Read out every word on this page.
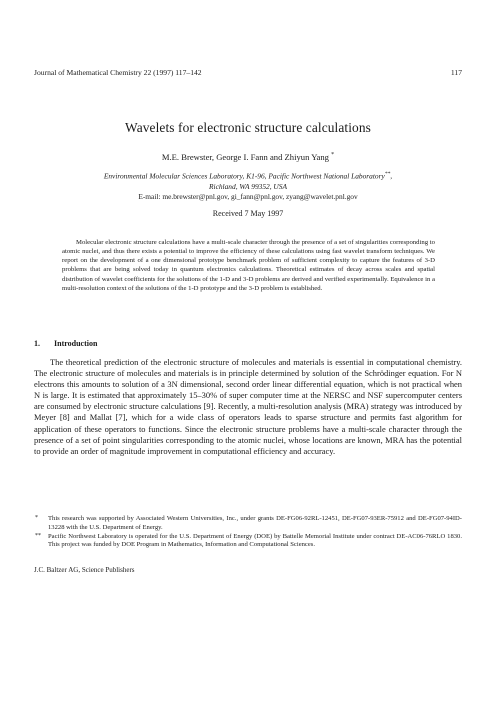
Journal of Mathematical Chemistry 22 (1997) 117–142	117
Wavelets for electronic structure calculations
M.E. Brewster, George I. Fann and Zhiyun Yang *
Environmental Molecular Sciences Laboratory, K1-96, Pacific Northwest National Laboratory**,
Richland, WA 99352, USA
E-mail: me.brewster@pnl.gov, gi_fann@pnl.gov, zyang@wavelet.pnl.gov
Received 7 May 1997

Molecular electronic structure calculations have a multi-scale character through the presence of a set of singularities corresponding to atomic nuclei, and thus there exists a potential to improve the efficiency of these calculations using fast wavelet transform techniques. We report on the development of a one dimensional prototype benchmark problem of sufficient complexity to capture the features of 3-D problems that are being solved today in quantum electronics calculations. Theoretical estimates of decay across scales and spatial distribution of wavelet coefficients for the solutions of the 1-D and 3-D problems are derived and verified experimentally. Equivalence in a multi-resolution context of the solutions of the 1-D prototype and the 3-D problem is established.

1. Introduction

The theoretical prediction of the electronic structure of molecules and materials is essential in computational chemistry. The electronic structure of molecules and materials is in principle determined by solution of the Schrödinger equation. For N electrons this amounts to solution of a 3N dimensional, second order linear differential equation, which is not practical when N is large. It is estimated that approximately 15–30% of super computer time at the NERSC and NSF supercomputer centers are consumed by electronic structure calculations [9]. Recently, a multi-resolution analysis (MRA) strategy was introduced by Meyer [8] and Mallat [7], which for a wide class of operators leads to sparse structure and permits fast algorithm for application of these operators to functions. Since the electronic structure problems have a multi-scale character through the presence of a set of point singularities corresponding to the atomic nuclei, whose locations are known, MRA has the potential to provide an order of magnitude improvement in computational efficiency and accuracy.

* This research was supported by Associated Western Universities, Inc., under grants DE-FG06-92RL-12451, DE-FG07-93ER-75912 and DE-FG07-94ID-13228 with the U.S. Department of Energy.
** Pacific Northwest Laboratory is operated for the U.S. Department of Energy (DOE) by Battelle Memorial Institute under contract DE-AC06-76RLO 1830. This project was funded by DOE Program in Mathematics, Information and Computational Sciences.
J.C. Baltzer AG, Science Publishers
